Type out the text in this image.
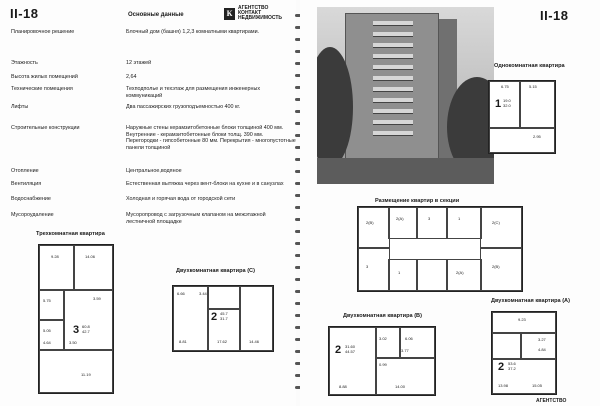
II-18	Основные данные	К
АГЕНТСТВО
КОНТАКТ
НЕДВИЖИМОСТЬ
Планировочное решение	Блочный дом (башня) 1,2,3 комнатными квартирами.
Этажность	12 этажей
Высота жилых помещений	2,64
Технические помещения	Техподполье и техэтаж для размещения инженерных коммуникаций
Лифты	Два пассажирских грузоподъемностью 400 кг.
Строительные конструкции	Наружные стены керамзитобетонные блоки толщиной 400 мм. Внутренние - керамзитобетонные блоки толщ. 390 мм. Перегородки - гипсобетонные 80 мм. Перекрытия - многопустотные панели толщиной
Отопление	Центральное,водяное
Вентиляция	Естественная вытяжка через вент-блоки на кухне и в санузлах
Водоснабжение	Холодная и горячая вода от городской сети
Мусороудаление	Мусоропровод с загрузочным клапаном на межэтажной лестничной площадке
Трехкомнатная квартира
9.28	14.06
5.75
11.19
5.05
3.59
4.64	3.50
3 60.8
42.7
Двухкомнатная квартира (С)
8.81	17.62	14.46
3.44
6.66
2 45.7
31.7
II-18
Однокомнатная квартира
6.75	5.15
2.95
1 19.0
32.0
Размещение квартир в секции
2(В)
2(А)	3	1
2(С)
3
1	2(А)
2(В)
Двухкомнатная квартира (В)
3.02	6.06
3.77
0.99
8.88	14.00
2 31.60
44.57
Двухкомнатная квартира (А)
9.23
3.27
13.98	15.05
4.84
2 53.6
37.2
АГЕНТСТВО
